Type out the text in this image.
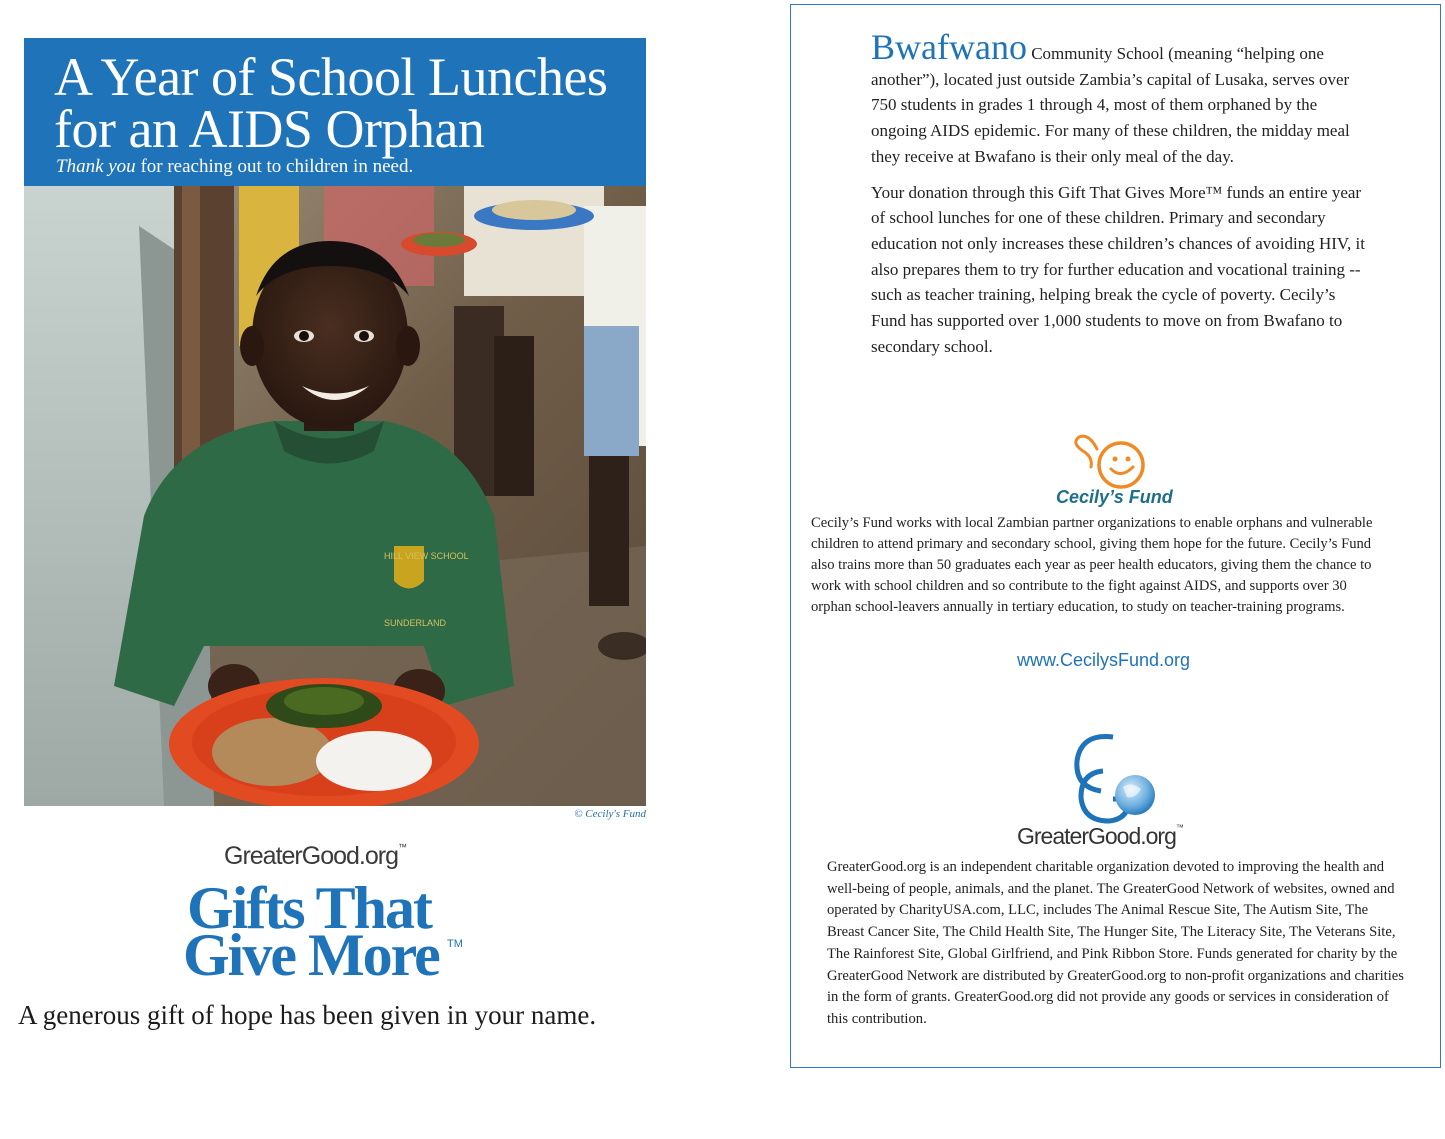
A Year of School Lunches
for an AIDS Orphan
Thank you for reaching out to children in need.
HILL VIEW SCHOOL
SUNDERLAND
© Cecily's Fund
GreaterGood.org™
Gifts That
Give More TM
A generous gift of hope has been given in your name.

Bwafwano Community School (meaning “helping one another”), located just outside Zambia’s capital of Lusaka, serves over 750 students in grades 1 through 4, most of them orphaned by the ongoing AIDS epidemic. For many of these children, the midday meal they receive at Bwafano is their only meal of the day.

Your donation through this Gift That Gives More™ funds an entire year of school lunches for one of these children. Primary and secondary education not only increases these children’s chances of avoiding HIV, it also prepares them to try for further education and vocational training -- such as teacher training, helping break the cycle of poverty. Cecily’s Fund has supported over 1,000 students to move on from Bwafano to secondary school.

Cecily’s Fund
Cecily’s Fund works with local Zambian partner organizations to enable orphans and vulnerable children to attend primary and secondary school, giving them hope for the future. Cecily’s Fund also trains more than 50 graduates each year as peer health educators, giving them the chance to work with school children and so contribute to the fight against AIDS, and supports over 30 orphan school-leavers annually in tertiary education, to study on teacher-training programs.
www.CecilysFund.org
GreaterGood.org™
GreaterGood.org is an independent charitable organization devoted to improving the health and well-being of people, animals, and the planet. The GreaterGood Network of websites, owned and operated by CharityUSA.com, LLC, includes The Animal Rescue Site, The Autism Site, The Breast Cancer Site, The Child Health Site, The Hunger Site, The Literacy Site, The Veterans Site, The Rainforest Site, Global Girlfriend, and Pink Ribbon Store. Funds generated for charity by the GreaterGood Network are distributed by GreaterGood.org to non-profit organizations and charities in the form of grants. GreaterGood.org did not provide any goods or services in consideration of this contribution.
